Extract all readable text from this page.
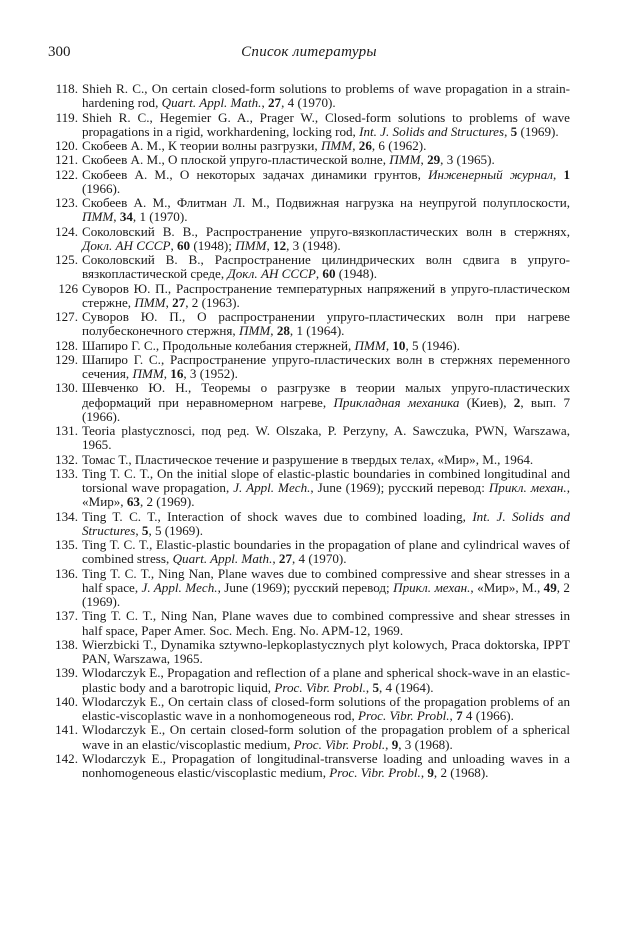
300	Список литературы

118. Shieh R. C., On certain closed-form solutions to problems of wave propagation in a strain-hardening rod, Quart. Appl. Math., 27, 4 (1970).

119. Shieh R. C., Hegemier G. A., Prager W., Closed-form solutions to problems of wave propagations in a rigid, workhardening, locking rod, Int. J. Solids and Structures, 5 (1969).

120. Скобеев А. М., К теории волны разгрузки, ПММ, 26, 6 (1962).

121. Скобеев А. М., О плоской упруго-пластической волне, ПММ, 29, 3 (1965).

122. Скобеев А. М., О некоторых задачах динамики грунтов, Инженерный журнал, 1 (1966).

123. Скобеев А. М., Флитман Л. М., Подвижная нагрузка на неупругой полуплоскости, ПММ, 34, 1 (1970).

124. Соколовский В. В., Распространение упруго-вязкопластических волн в стержнях, Докл. АН СССР, 60 (1948); ПММ, 12, 3 (1948).

125. Соколовский В. В., Распространение цилиндрических волн сдвига в упруго-вязкопластической среде, Докл. АН СССР, 60 (1948).

126 Суворов Ю. П., Распространение температурных напряжений в упруго-пластическом стержне, ПММ, 27, 2 (1963).

127. Суворов Ю. П., О распространении упруго-пластических волн при нагреве полубесконечного стержня, ПММ, 28, 1 (1964).

128. Шапиро Г. С., Продольные колебания стержней, ПММ, 10, 5 (1946).

129. Шапиро Г. С., Распространение упруго-пластических волн в стержнях переменного сечения, ПММ, 16, 3 (1952).

130. Шевченко Ю. Н., Теоремы о разгрузке в теории малых упруго-пластических деформаций при неравномерном нагреве, Прикладная механика (Киев), 2, вып. 7 (1966).

131. Teoria plastycznosci, под ред. W. Olszaka, P. Perzyny, A. Sawczuka, PWN, Warszawa, 1965.

132. Томас Т., Пластическое течение и разрушение в твердых телах, «Мир», М., 1964.

133. Ting T. C. T., On the initial slope of elastic-plastic boundaries in combined longitudinal and torsional wave propagation, J. Appl. Mech., June (1969); русский перевод: Прикл. механ., «Мир», 63, 2 (1969).

134. Ting T. C. T., Interaction of shock waves due to combined loading, Int. J. Solids and Structures, 5, 5 (1969).

135. Ting T. C. T., Elastic-plastic boundaries in the propagation of plane and cylindrical waves of combined stress, Quart. Appl. Math., 27, 4 (1970).

136. Ting T. C. T., Ning Nan, Plane waves due to combined compressive and shear stresses in a half space, J. Appl. Mech., June (1969); русский перевод; Прикл. механ., «Мир», М., 49, 2 (1969).

137. Ting T. C. T., Ning Nan, Plane waves due to combined compressive and shear stresses in half space, Paper Amer. Soc. Mech. Eng. No. APM-12, 1969.

138. Wierzbicki T., Dynamika sztywno-lepkoplastycznych plyt kolowych, Praca doktorska, IPPT PAN, Warszawa, 1965.

139. Wlodarczyk E., Propagation and reflection of a plane and spherical shock-wave in an elastic-plastic body and a barotropic liquid, Proc. Vibr. Probl., 5, 4 (1964).

140. Wlodarczyk E., On certain class of closed-form solutions of the propagation problems of an elastic-viscoplastic wave in a nonhomogeneous rod, Proc. Vibr. Probl., 7 4 (1966).

141. Wlodarczyk E., On certain closed-form solution of the propagation problem of a spherical wave in an elastic/viscoplastic medium, Proc. Vibr. Probl., 9, 3 (1968).

142. Wlodarczyk E., Propagation of longitudinal-transverse loading and unloading waves in a nonhomogeneous elastic/viscoplastic medium, Proc. Vibr. Probl., 9, 2 (1968).
